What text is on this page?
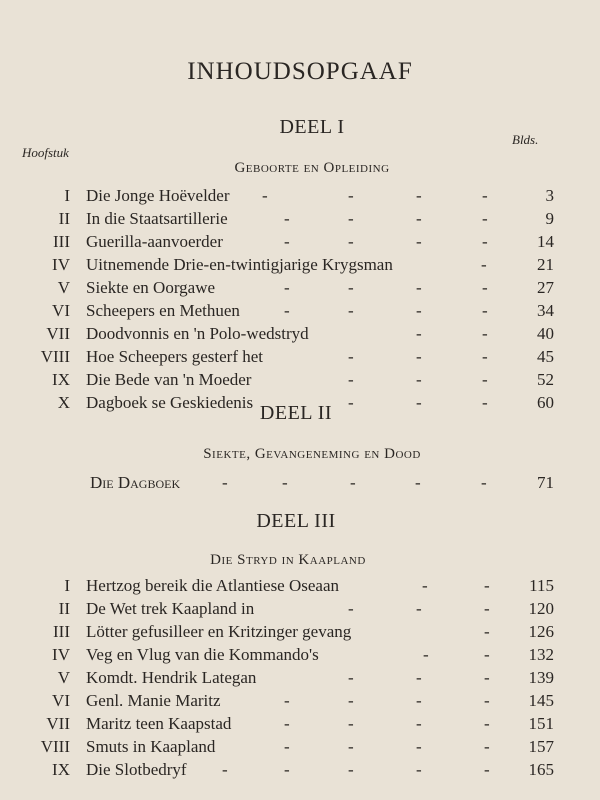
INHOUDSOPGAAF
DEEL I
Hoofstuk
Blds.
Geboorte en Opleiding
I Die Jonge Hoëvelder -	-	-	-	3
II In die Staatsartillerie	-	-	-	-	9
III Guerilla-aanvoerder	-	-	-	-	14
IV Uitnemende Drie-en-twintigjarige Krygsman	-	21
V Siekte en Oorgawe	-	-	-	-	27
VI Scheepers en Methuen	-	-	-	-	34
VII Doodvonnis en 'n Polo-wedstryd	-	-	40
VIII Hoe Scheepers gesterf het	-	-	-	45
IX Die Bede van 'n Moeder	-	-	-	52
X Dagboek se Geskiedenis	-	-	-	60
DEEL II
Siekte, Gevangeneming en Dood
Die Dagboek -	-	-	-	-	71
DEEL III
Die Stryd in Kaapland
I Hertzog bereik die Atlantiese Oseaan	-	- 115
II De Wet trek Kaapland in	-	-	- 120
III Lötter gefusilleer en Kritzinger gevang	- 126
IV Veg en Vlug van die Kommando's	-	- 132
V Komdt. Hendrik Lategan	-	-	- 139
VI Genl. Manie Maritz	-	-	-	- 145
VII Maritz teen Kaapstad	-	-	-	- 151
VIII Smuts in Kaapland	-	-	-	- 157
IX Die Slotbedryf -	-	-	-	- 165
